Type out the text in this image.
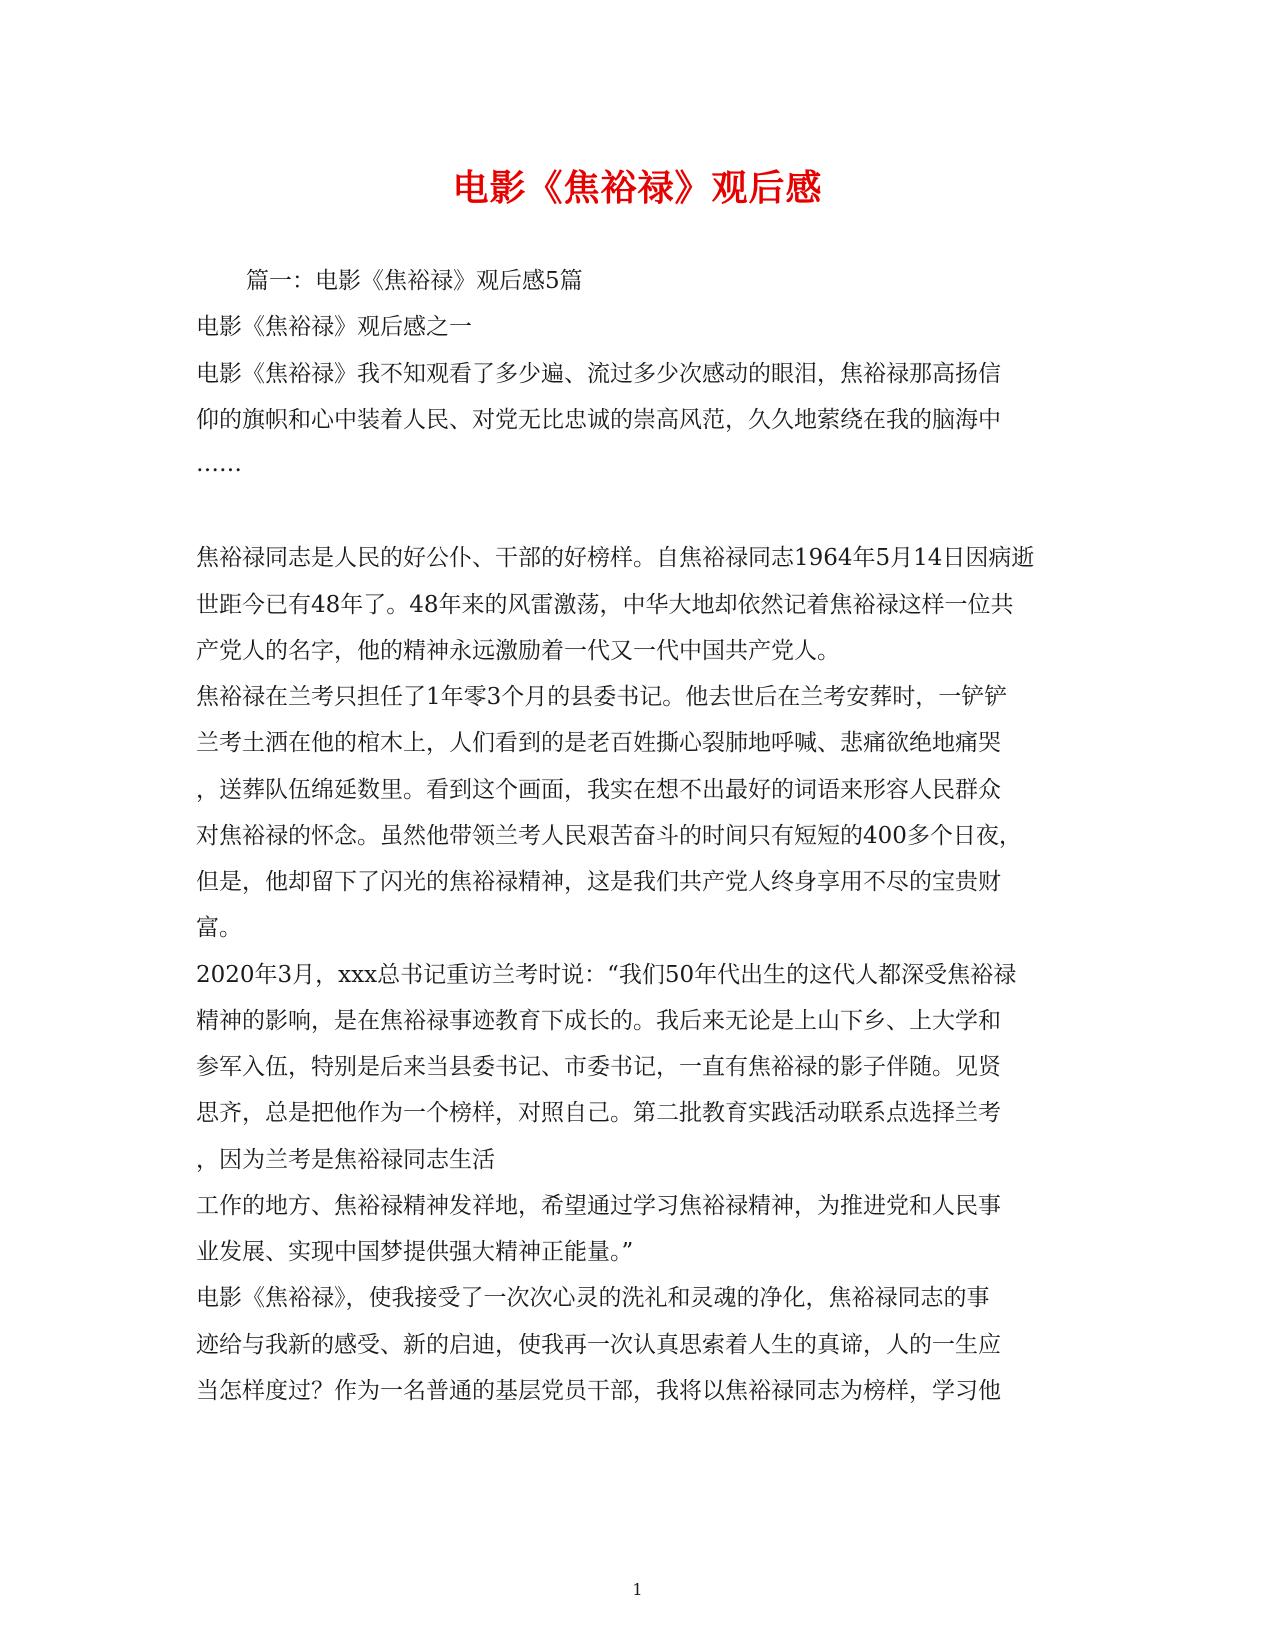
电影《焦裕禄》观后感

篇一：电影《焦裕禄》观后感5篇

电影《焦裕禄》观后感之一

电影《焦裕禄》我不知观看了多少遍、流过多少次感动的眼泪，焦裕禄那高扬信

仰的旗帜和心中装着人民、对党无比忠诚的崇高风范，久久地萦绕在我的脑海中

……

焦裕禄同志是人民的好公仆、干部的好榜样。自焦裕禄同志1964年5月14日因病逝

世距今已有48年了。48年来的风雷激荡，中华大地却依然记着焦裕禄这样一位共

产党人的名字，他的精神永远激励着一代又一代中国共产党人。

焦裕禄在兰考只担任了1年零3个月的县委书记。他去世后在兰考安葬时，一铲铲

兰考土洒在他的棺木上，人们看到的是老百姓撕心裂肺地呼喊、悲痛欲绝地痛哭

，送葬队伍绵延数里。看到这个画面，我实在想不出最好的词语来形容人民群众

对焦裕禄的怀念。虽然他带领兰考人民艰苦奋斗的时间只有短短的400多个日夜，

但是，他却留下了闪光的焦裕禄精神，这是我们共产党人终身享用不尽的宝贵财

富。

2020年3月，xxx总书记重访兰考时说：“我们50年代出生的这代人都深受焦裕禄

精神的影响，是在焦裕禄事迹教育下成长的。我后来无论是上山下乡、上大学和

参军入伍，特别是后来当县委书记、市委书记，一直有焦裕禄的影子伴随。见贤

思齐，总是把他作为一个榜样，对照自己。第二批教育实践活动联系点选择兰考

，因为兰考是焦裕禄同志生活

工作的地方、焦裕禄精神发祥地，希望通过学习焦裕禄精神，为推进党和人民事

业发展、实现中国梦提供强大精神正能量。”

电影《焦裕禄》，使我接受了一次次心灵的洗礼和灵魂的净化，焦裕禄同志的事

迹给与我新的感受、新的启迪，使我再一次认真思索着人生的真谛，人的一生应

当怎样度过？作为一名普通的基层党员干部，我将以焦裕禄同志为榜样，学习他

1
